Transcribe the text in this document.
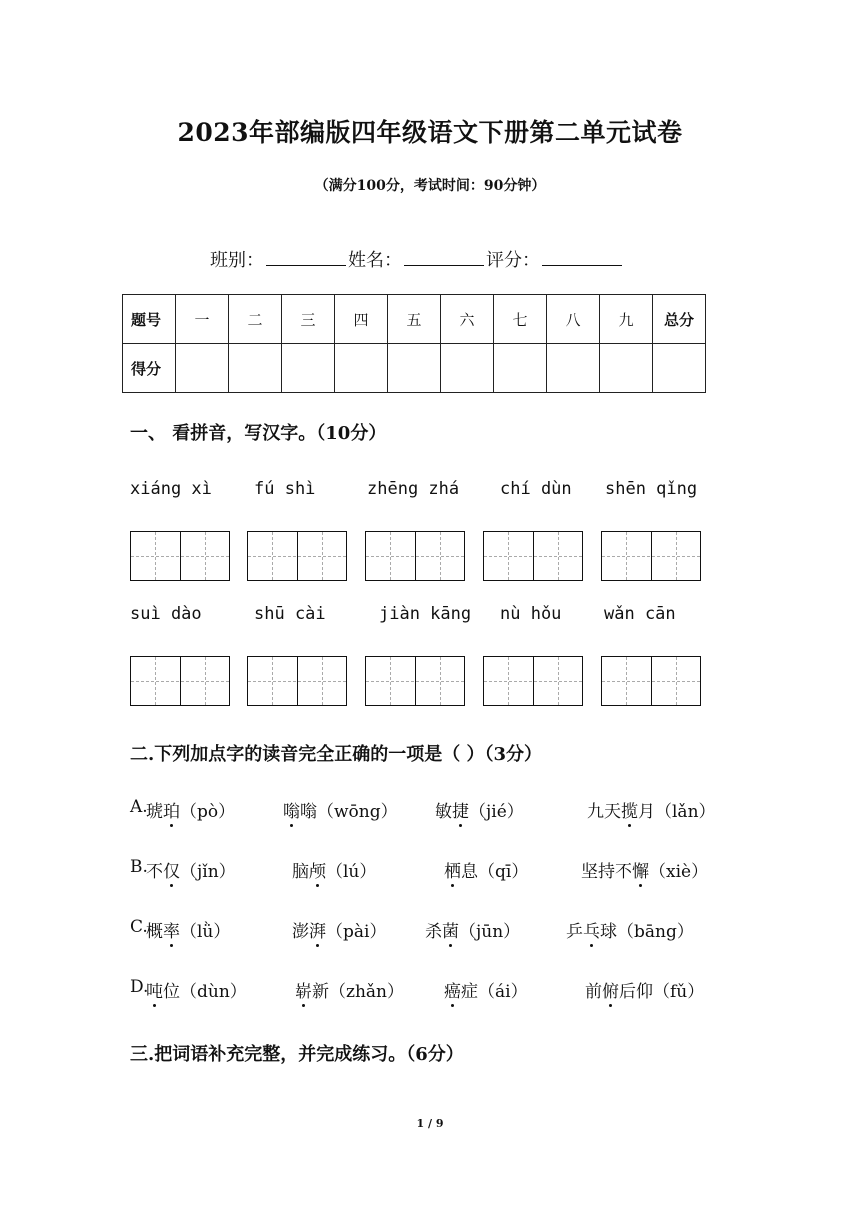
2023年部编版四年级语文下册第二单元试卷
（满分100分，考试时间：90分钟）
班别：	姓名：	评分：
题号	一	二	三	四	五	六	七	八	九	总分
得分										
一、 看拼音，写汉字。（10分）
xiáng xì fú shì	zhēng zhá chí dùn shēn qǐng
suì dào	shū cài	jiàn kāng nù hǒu	wǎn cān
二.下列加点字的读音完全正确的一项是（ ）（3分）
A.
琥珀（pò）	嗡嗡（wōng） 敏捷（jié）	九天揽月（lǎn）
B.
不仅（jǐn）	脑颅（lú）	栖息（qī）	坚持不懈（xiè）
C.
概率（lǜ）	澎湃（pài） 杀菌（jūn）	乒乓球（bāng）
D.
吨位（dùn）	崭新（zhǎn） 癌症（ái）	前俯后仰（fǔ）
三.把词语补充完整，并完成练习。（6分）
1 / 9
